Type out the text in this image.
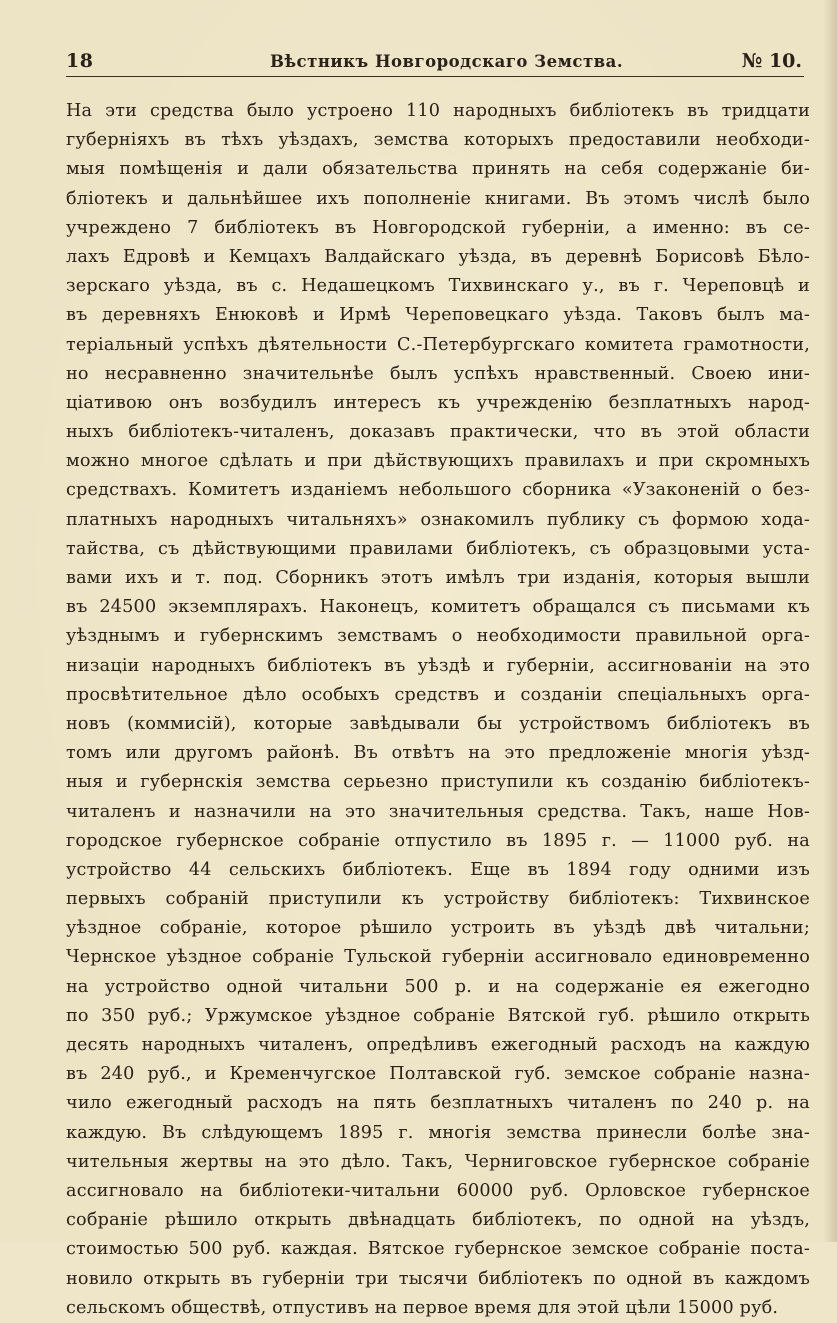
18	Вѣстникъ Новгородскаго Земства.	№ 10.
На эти средства было устроено 110 народныхъ библіотекъ въ тридцати
губерніяхъ въ тѣхъ уѣздахъ, земства которыхъ предоставили необходи-
мыя помѣщенія и дали обязательства принять на себя содержаніе би-
бліотекъ и дальнѣйшее ихъ пополненіе книгами. Въ этомъ числѣ было
учреждено 7 библіотекъ въ Новгородской губерніи, а именно: въ се-
лахъ Едровѣ и Кемцахъ Валдайскаго уѣзда, въ деревнѣ Борисовѣ Бѣло-
зерскаго уѣзда, въ с. Недашецкомъ Тихвинскаго у., въ г. Череповцѣ и
въ деревняхъ Енюковѣ и Ирмѣ Череповецкаго уѣзда. Таковъ былъ ма-
теріальный успѣхъ дѣятельности С.-Петербургскаго комитета грамотности,
но несравненно значительнѣе былъ успѣхъ нравственный. Своею ини-
ціативою онъ возбудилъ интересъ къ учрежденію безплатныхъ народ-
ныхъ библіотекъ-читаленъ, доказавъ практически, что въ этой области
можно многое сдѣлать и при дѣйствующихъ правилахъ и при скромныхъ
средствахъ. Комитетъ изданіемъ небольшого сборника «Узаконеній о без-
платныхъ народныхъ читальняхъ» ознакомилъ публику съ формою хода-
тайства, съ дѣйствующими правилами библіотекъ, съ образцовыми уста-
вами ихъ и т. под. Сборникъ этотъ имѣлъ три изданія, которыя вышли
въ 24500 экземплярахъ. Наконецъ, комитетъ обращался съ письмами къ
уѣзднымъ и губернскимъ земствамъ о необходимости правильной орга-
низаціи народныхъ библіотекъ въ уѣздѣ и губерніи, ассигнованіи на это
просвѣтительное дѣло особыхъ средствъ и созданіи спеціальныхъ орга-
новъ (коммисій), которые завѣдывали бы устройствомъ библіотекъ въ
томъ или другомъ районѣ. Въ отвѣтъ на это предложеніе многія уѣзд-
ныя и губернскія земства серьезно приступили къ созданію библіотекъ-
читаленъ и назначили на это значительныя средства. Такъ, наше Нов-
городское губернское собраніе отпустило въ 1895 г. — 11000 руб. на
устройство 44 сельскихъ библіотекъ. Еще въ 1894 году одними изъ
первыхъ собраній приступили къ устройству библіотекъ: Тихвинское
уѣздное собраніе, которое рѣшило устроить въ уѣздѣ двѣ читальни;
Чернское уѣздное собраніе Тульской губерніи ассигновало единовременно
на устройство одной читальни 500 р. и на содержаніе ея ежегодно
по 350 руб.; Уржумское уѣздное собраніе Вятской губ. рѣшило открыть
десять народныхъ читаленъ, опредѣливъ ежегодный расходъ на каждую
въ 240 руб., и Кременчугское Полтавской губ. земское собраніе назна-
чило ежегодный расходъ на пять безплатныхъ читаленъ по 240 р. на
каждую. Въ слѣдующемъ 1895 г. многія земства принесли болѣе зна-
чительныя жертвы на это дѣло. Такъ, Черниговское губернское собраніе
ассигновало на библіотеки-читальни 60000 руб. Орловское губернское
собраніе рѣшило открыть двѣнадцать библіотекъ, по одной на уѣздъ,
стоимостью 500 руб. каждая. Вятское губернское земское собраніе поста-
новило открыть въ губерніи три тысячи библіотекъ по одной въ каждомъ
сельскомъ обществѣ, отпустивъ на первое время для этой цѣли 15000 руб.
